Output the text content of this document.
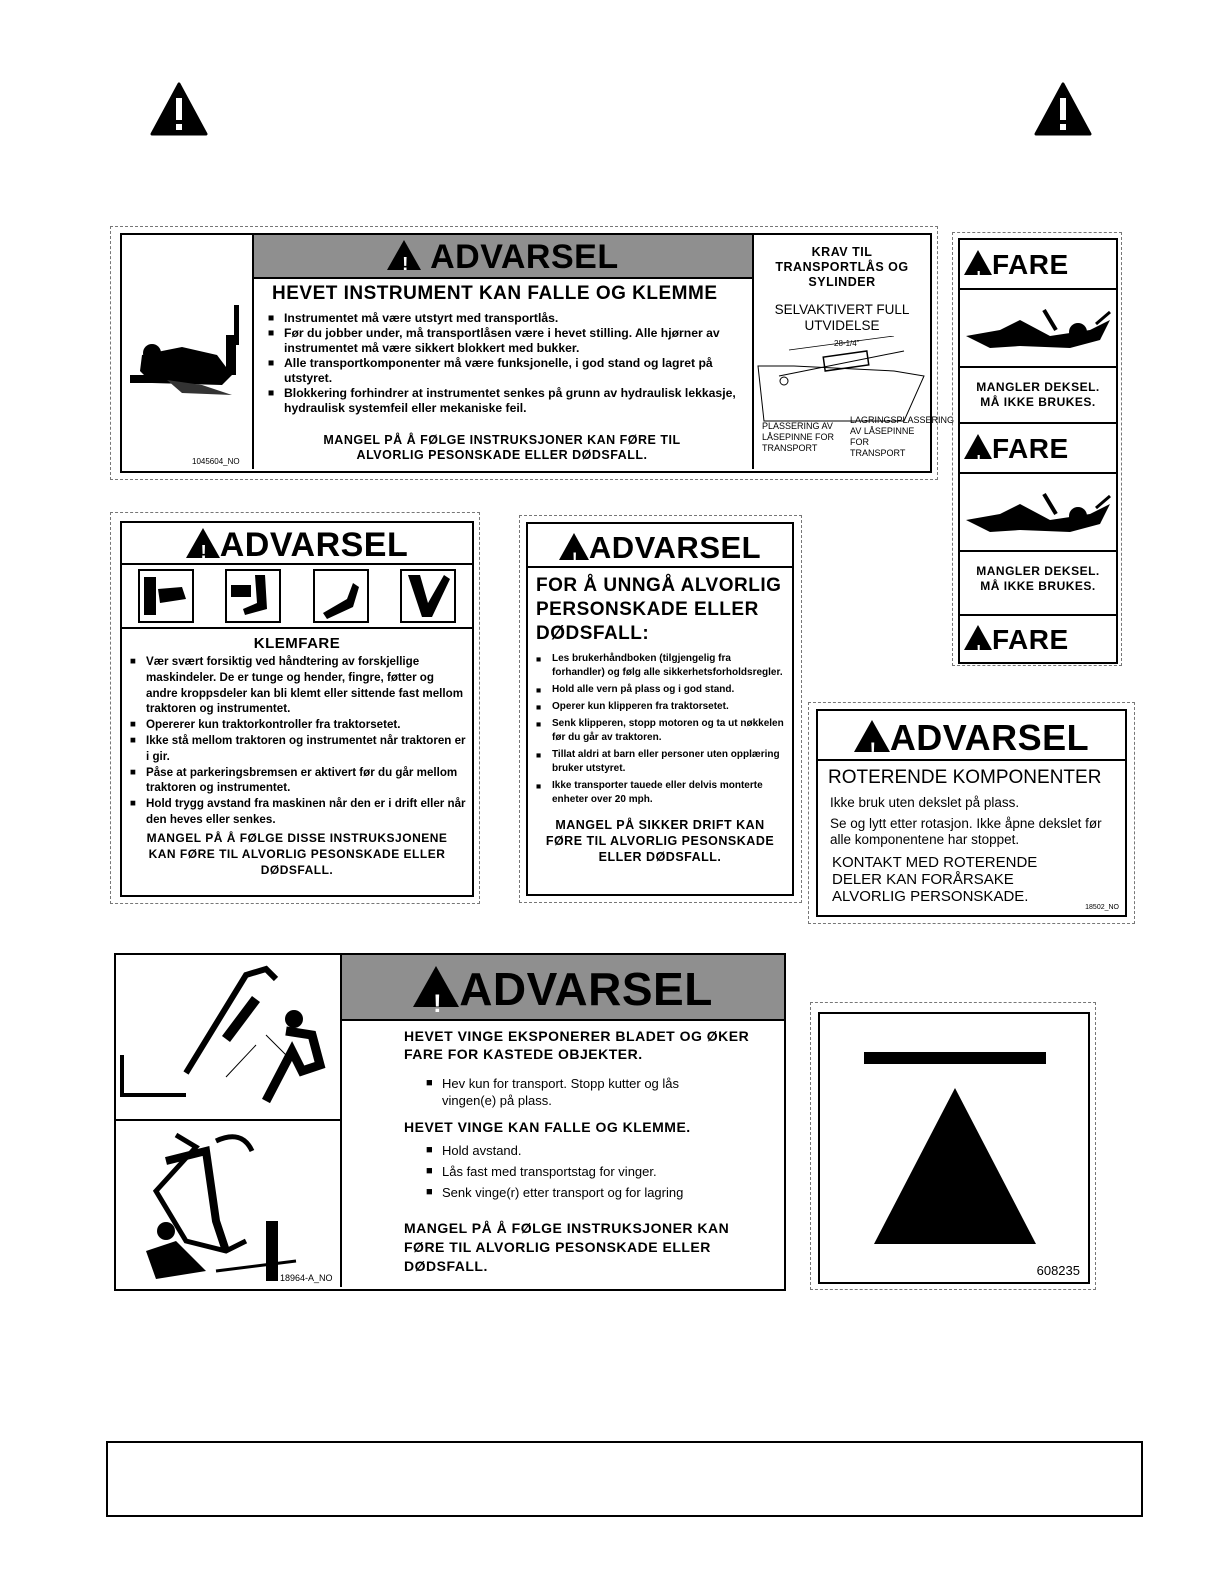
1045604_NO
! ADVARSEL
HEVET INSTRUMENT KAN FALLE OG KLEMME
■ Instrumentet må være utstyrt med transportlås.
■ Før du jobber under, må transportlåsen være i hevet stilling. Alle hjørner av instrumentet må være sikkert blokkert med bukker.
■ Alle transportkomponenter må være funksjonelle, i god stand og lagret på utstyret.
■ Blokkering forhindrer at instrumentet senkes på grunn av hydraulisk lekkasje, hydraulisk systemfeil eller mekaniske feil.
MANGEL PÅ Å FØLGE INSTRUKSJONER KAN FØRE TIL ALVORLIG PESONSKADE ELLER DØDSFALL.
KRAV TIL TRANSPORTLÅS OG SYLINDER
SELVAKTIVERT FULL UTVIDELSE
28-1/4"
PLASSERING AV LÅSEPINNE FOR TRANSPORT
LAGRINGSPLASSERING AV LÅSEPINNE FOR TRANSPORT
!FARE
MANGLER DEKSEL. MÅ IKKE BRUKES.
!FARE
MANGLER DEKSEL. MÅ IKKE BRUKES.
!FARE
!ADVARSEL
KLEMFARE
■ Vær svært forsiktig ved håndtering av forskjellige maskindeler. De er tunge og hender, fingre, føtter og andre kroppsdeler kan bli klemt eller sittende fast mellom traktoren og instrumentet.
■ Opererer kun traktorkontroller fra traktorsetet.
■ Ikke stå mellom traktoren og instrumentet når traktoren er i gir.
■ Påse at parkeringsbremsen er aktivert før du går mellom traktoren og instrumentet.
■ Hold trygg avstand fra maskinen når den er i drift eller når den heves eller senkes.
MANGEL PÅ Å FØLGE DISSE INSTRUKSJONENE KAN FØRE TIL ALVORLIG PESONSKADE ELLER DØDSFALL.
!ADVARSEL
FOR Å UNNGÅ ALVORLIG PERSONSKADE ELLER DØDSFALL:
■ Les brukerhåndboken (tilgjengelig fra forhandler) og følg alle sikkerhetsforholdsregler.
■ Hold alle vern på plass og i god stand.
■ Operer kun klipperen fra traktorsetet.
■ Senk klipperen, stopp motoren og ta ut nøkkelen før du går av traktoren.
■ Tillat aldri at barn eller personer uten opplæring bruker utstyret.
■ Ikke transporter tauede eller delvis monterte enheter over 20 mph.
MANGEL PÅ SIKKER DRIFT KAN FØRE TIL ALVORLIG PESONSKADE ELLER DØDSFALL.
!ADVARSEL
ROTERENDE KOMPONENTER
Ikke bruk uten dekslet på plass.
Se og lytt etter rotasjon. Ikke åpne dekslet før alle komponentene har stoppet.
KONTAKT MED ROTERENDE DELER KAN FORÅRSAKE ALVORLIG PERSONSKADE.
18502_NO
18964-A_NO
!ADVARSEL
HEVET VINGE EKSPONERER BLADET OG ØKER FARE FOR KASTEDE OBJEKTER.
■ Hev kun for transport. Stopp kutter og lås vingen(e) på plass.
HEVET VINGE KAN FALLE OG KLEMME.
■ Hold avstand.
■ Lås fast med transportstag for vinger.
■ Senk vinge(r) etter transport og for lagring
MANGEL PÅ Å FØLGE INSTRUKSJONER KAN FØRE TIL ALVORLIG PESONSKADE ELLER DØDSFALL.	608235
